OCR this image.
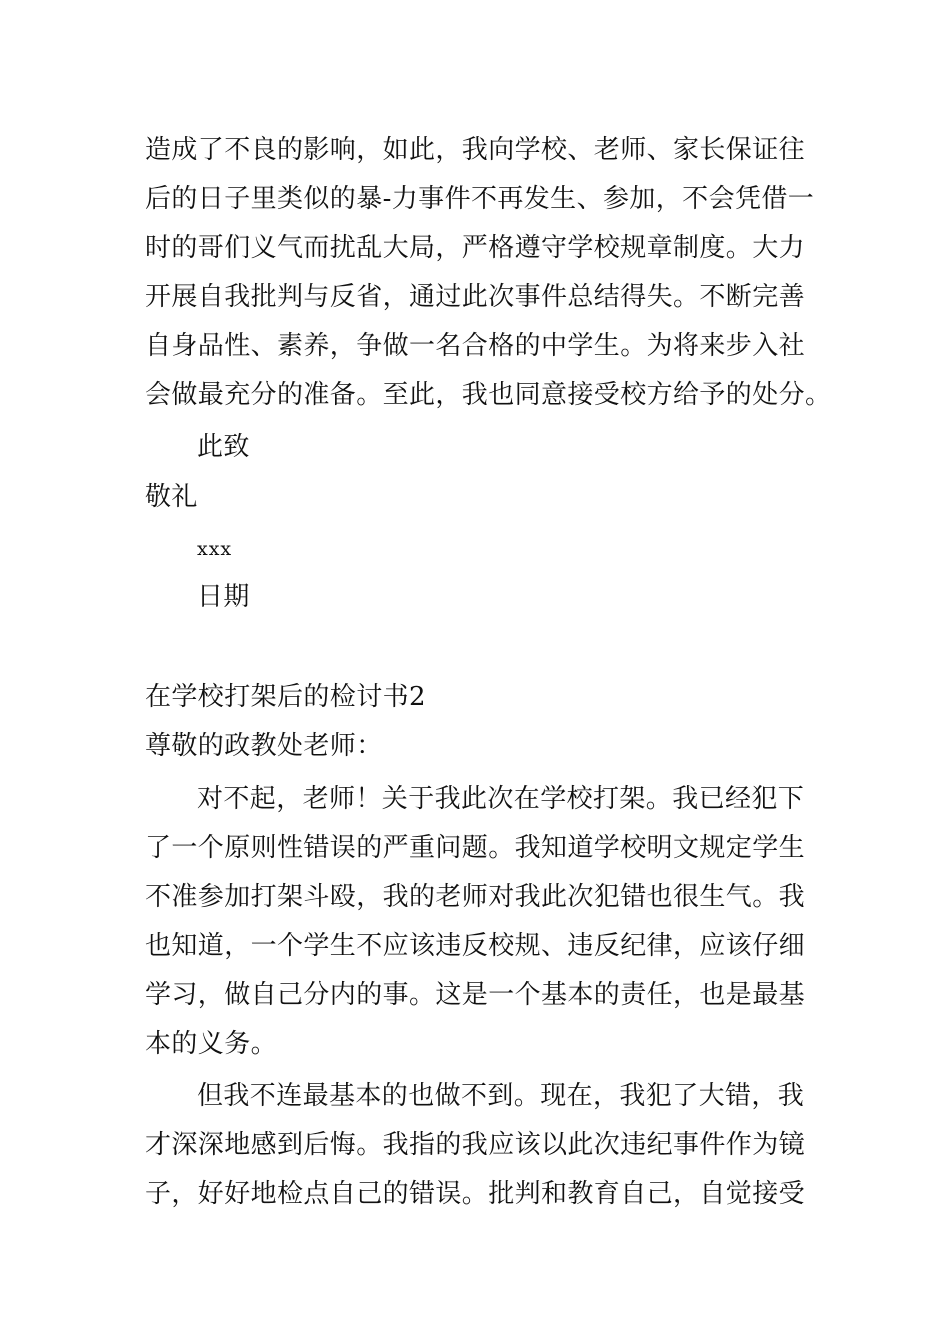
造成了不良的影响，如此，我向学校、老师、家长保证往
后的日子里类似的暴-力事件不再发生、参加，不会凭借一
时的哥们义气而扰乱大局，严格遵守学校规章制度。大力
开展自我批判与反省，通过此次事件总结得失。不断完善
自身品性、素养，争做一名合格的中学生。为将来步入社
会做最充分的准备。至此，我也同意接受校方给予的处分。
此致
敬礼
xxx
日期
在学校打架后的检讨书2
尊敬的政教处老师：
对不起，老师！关于我此次在学校打架。我已经犯下
了一个原则性错误的严重问题。我知道学校明文规定学生
不准参加打架斗殴，我的老师对我此次犯错也很生气。我
也知道，一个学生不应该违反校规、违反纪律，应该仔细
学习，做自己分内的事。这是一个基本的责任，也是最基
本的义务。
但我不连最基本的也做不到。现在，我犯了大错，我
才深深地感到后悔。我指的我应该以此次违纪事件作为镜
子，好好地检点自己的错误。批判和教育自己，自觉接受
